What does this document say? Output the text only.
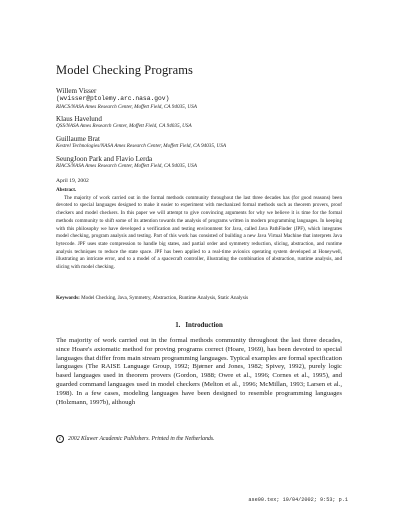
Model Checking Programs
Willem Visser
(wvisser@ptolemy.arc.nasa.gov)
RIACS/NASA Ames Research Center, Moffett Field, CA 94035, USA
Klaus Havelund
QSS/NASA Ames Research Center, Moffett Field, CA 94035, USA
Guillaume Brat
Kestrel Technologies/NASA Ames Research Center, Moffett Field, CA 94035, USA
SeungJoon Park and Flavio Lerda
RIACS/NASA Ames Research Center, Moffett Field, CA 94035, USA
April 19, 2002
Abstract.
The majority of work carried out in the formal methods community throughout the last three decades has (for good reasons) been devoted to special languages designed to make it easier to experiment with mechanized formal methods such as theorem provers, proof checkers and model checkers. In this paper we will attempt to give convincing arguments for why we believe it is time for the formal methods community to shift some of its attention towards the analysis of programs written in modern programming languages. In keeping with this philosophy we have developed a verification and testing environment for Java, called Java PathFinder (JPF), which integrates model checking, program analysis and testing. Part of this work has consisted of building a new Java Virtual Machine that interprets Java bytecode. JPF uses state compression to handle big states, and partial order and symmetry reduction, slicing, abstraction, and runtime analysis techniques to reduce the state space. JPF has been applied to a real-time avionics operating system developed at Honeywell, illustrating an intricate error, and to a model of a spacecraft controller, illustrating the combination of abstraction, runtime analysis, and slicing with model checking.
Keywords: Model Checking, Java, Symmetry, Abstraction, Runtime Analysis, Static Analysis
1. Introduction
The majority of work carried out in the formal methods community throughout the last three decades, since Hoare's axiomatic method for proving programs correct (Hoare, 1969), has been devoted to special languages that differ from main stream programming languages. Typical examples are formal specification languages (The RAISE Language Group, 1992; Bjørner and Jones, 1982; Spivey, 1992), purely logic based languages used in theorem provers (Gordon, 1988; Owre et al., 1996; Cornes et al., 1995), and guarded command languages used in model checkers (Melton et al., 1996; McMillan, 1993; Larsen et al., 1998). In a few cases, modeling languages have been designed to resemble programming languages (Holzmann, 1997b), although
c	2002 Kluwer Academic Publishers. Printed in the Netherlands.
ase00.tex; 19/04/2002; 9:53; p.1
